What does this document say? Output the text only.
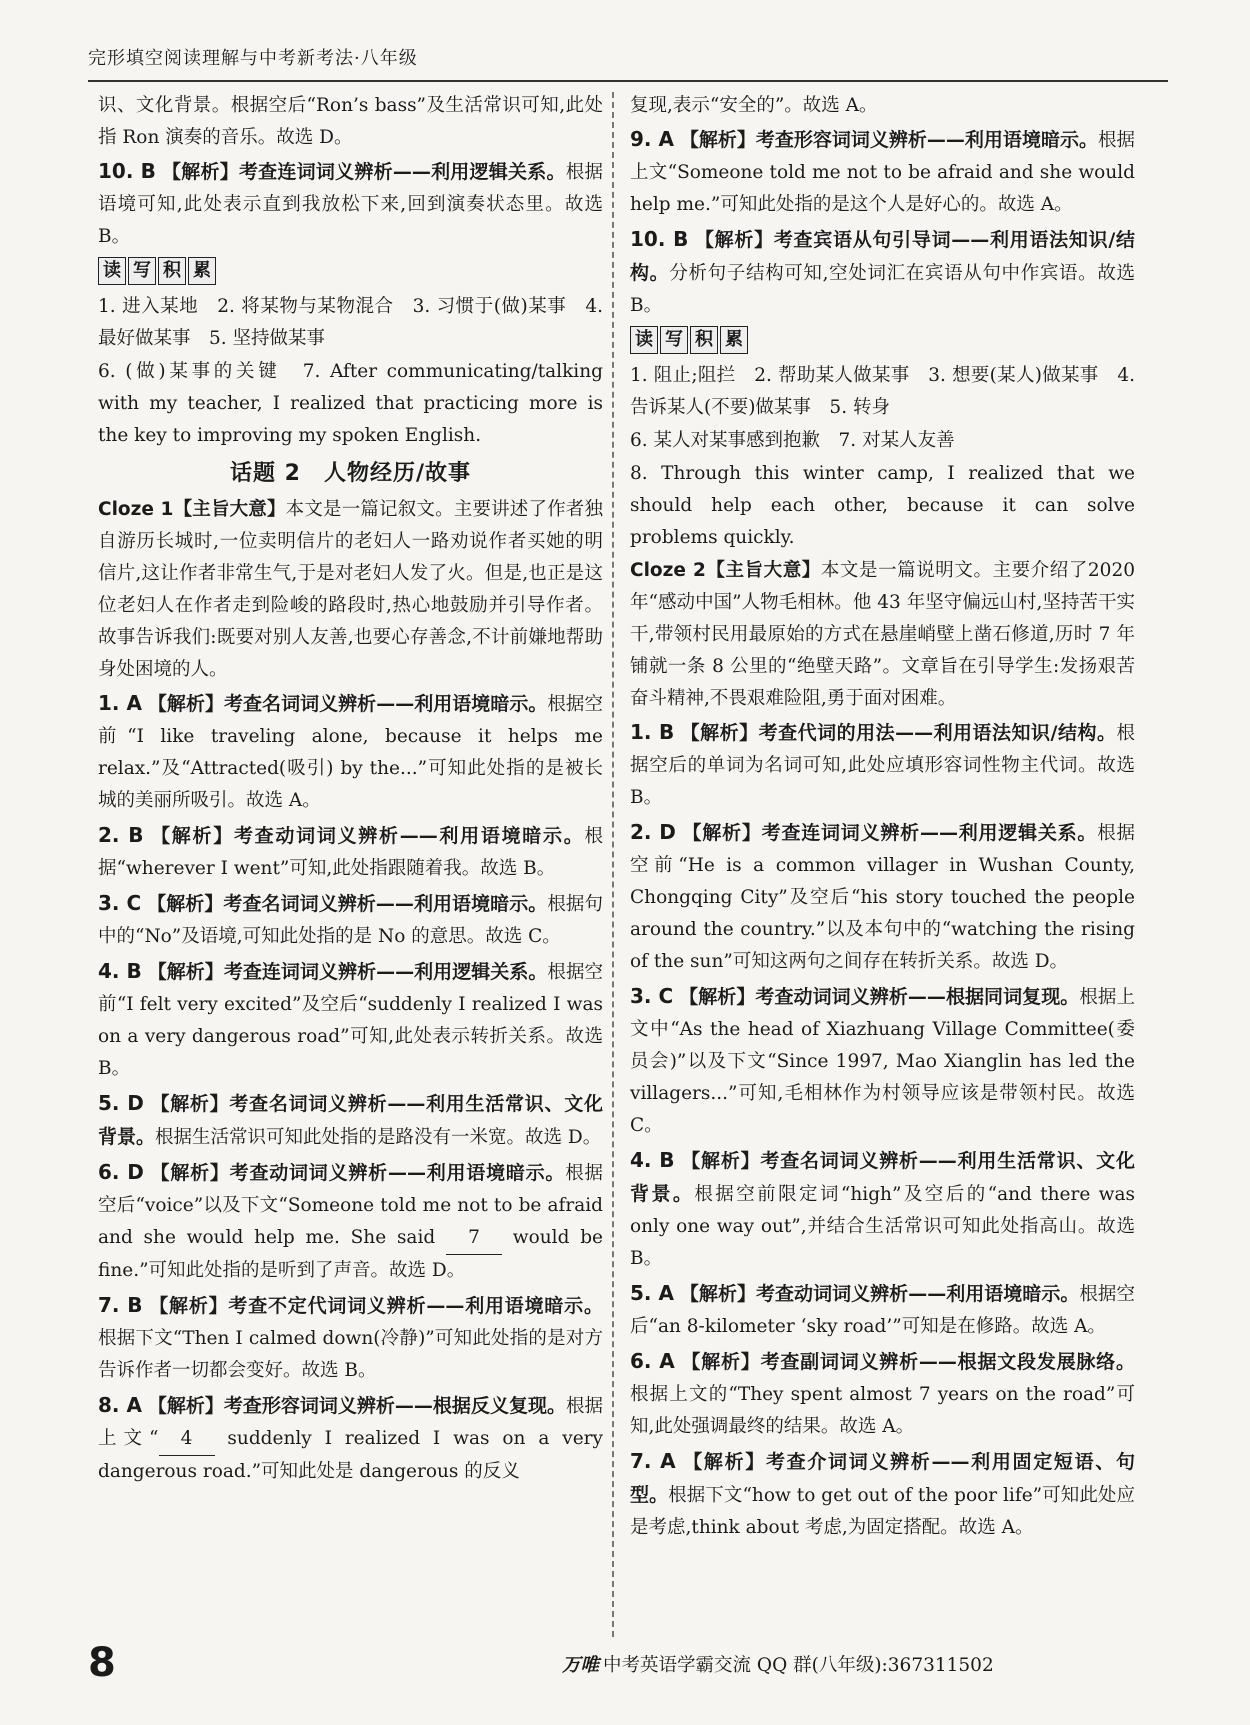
完形填空阅读理解与中考新考法·八年级

识、文化背景。根据空后“Ron’s bass”及生活常识可知,此处指 Ron 演奏的音乐。故选 D。

10. B 【解析】考查连词词义辨析——利用逻辑关系。根据语境可知,此处表示直到我放松下来,回到演奏状态里。故选 B。

读 写 积 累

1. 进入某地　2. 将某物与某物混合　3. 习惯于(做)某事　4. 最好做某事　5. 坚持做某事

6. (做)某事的关键　7. After communicating/talking with my teacher, I realized that practicing more is the key to improving my spoken English.

话题 2　人物经历/故事

Cloze 1【主旨大意】本文是一篇记叙文。主要讲述了作者独自游历长城时,一位卖明信片的老妇人一路劝说作者买她的明信片,这让作者非常生气,于是对老妇人发了火。但是,也正是这位老妇人在作者走到险峻的路段时,热心地鼓励并引导作者。故事告诉我们:既要对别人友善,也要心存善念,不计前嫌地帮助身处困境的人。

1. A 【解析】考查名词词义辨析——利用语境暗示。根据空前“I like traveling alone, because it helps me relax.”及“Attracted(吸引) by the...”可知此处指的是被长城的美丽所吸引。故选 A。

2. B 【解析】考查动词词义辨析——利用语境暗示。根据“wherever I went”可知,此处指跟随着我。故选 B。

3. C 【解析】考查名词词义辨析——利用语境暗示。根据句中的“No”及语境,可知此处指的是 No 的意思。故选 C。

4. B 【解析】考查连词词义辨析——利用逻辑关系。根据空前“I felt very excited”及空后“suddenly I realized I was on a very dangerous road”可知,此处表示转折关系。故选 B。

5. D 【解析】考查名词词义辨析——利用生活常识、文化背景。根据生活常识可知此处指的是路没有一米宽。故选 D。

6. D 【解析】考查动词词义辨析——利用语境暗示。根据空后“voice”以及下文“Someone told me not to be afraid and she would help me. She said 7 would be fine.”可知此处指的是听到了声音。故选 D。

7. B 【解析】考查不定代词词义辨析——利用语境暗示。根据下文“Then I calmed down(冷静)”可知此处指的是对方告诉作者一切都会变好。故选 B。

8. A 【解析】考查形容词词义辨析——根据反义复现。根据上文“ 4 suddenly I realized I was on a very dangerous road.”可知此处是 dangerous 的反义

复现,表示“安全的”。故选 A。

9. A 【解析】考查形容词词义辨析——利用语境暗示。根据上文“Someone told me not to be afraid and she would help me.”可知此处指的是这个人是好心的。故选 A。

10. B 【解析】考查宾语从句引导词——利用语法知识/结构。分析句子结构可知,空处词汇在宾语从句中作宾语。故选 B。

读 写 积 累

1. 阻止;阻拦　2. 帮助某人做某事　3. 想要(某人)做某事　4. 告诉某人(不要)做某事　5. 转身

6. 某人对某事感到抱歉　7. 对某人友善

8. Through this winter camp, I realized that we should help each other, because it can solve problems quickly.

Cloze 2【主旨大意】本文是一篇说明文。主要介绍了2020 年“感动中国”人物毛相林。他 43 年坚守偏远山村,坚持苦干实干,带领村民用最原始的方式在悬崖峭壁上凿石修道,历时 7 年铺就一条 8 公里的“绝壁天路”。文章旨在引导学生:发扬艰苦奋斗精神,不畏艰难险阻,勇于面对困难。

1. B 【解析】考查代词的用法——利用语法知识/结构。根据空后的单词为名词可知,此处应填形容词性物主代词。故选 B。

2. D 【解析】考查连词词义辨析——利用逻辑关系。根据空前“He is a common villager in Wushan County, Chongqing City”及空后“his story touched the people around the country.”以及本句中的“watching the rising of the sun”可知这两句之间存在转折关系。故选 D。

3. C 【解析】考查动词词义辨析——根据同词复现。根据上文中“As the head of Xiazhuang Village Committee(委员会)”以及下文“Since 1997, Mao Xianglin has led the villagers...”可知,毛相林作为村领导应该是带领村民。故选 C。

4. B 【解析】考查名词词义辨析——利用生活常识、文化背景。根据空前限定词“high”及空后的“and there was only one way out”,并结合生活常识可知此处指高山。故选 B。

5. A 【解析】考查动词词义辨析——利用语境暗示。根据空后“an 8-kilometer ‘sky road’”可知是在修路。故选 A。

6. A 【解析】考查副词词义辨析——根据文段发展脉络。根据上文的“They spent almost 7 years on the road”可知,此处强调最终的结果。故选 A。

7. A 【解析】考查介词词义辨析——利用固定短语、句型。根据下文“how to get out of the poor life”可知此处应是考虑,think about 考虑,为固定搭配。故选 A。

8	万唯 中考英语学霸交流 QQ 群(八年级):367311502
